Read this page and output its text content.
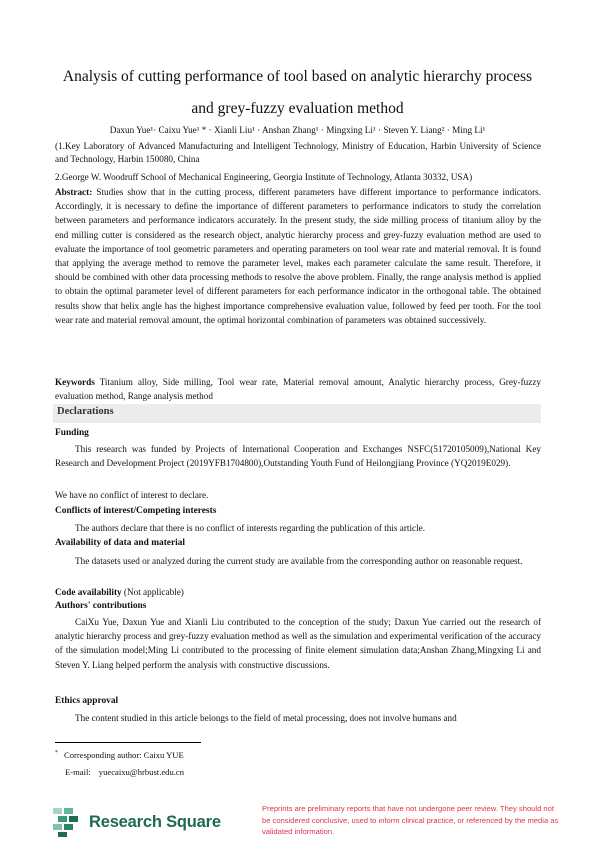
Analysis of cutting performance of tool based on analytic hierarchy process
and grey-fuzzy evaluation method
Daxun Yue¹· Caixu Yue¹ * · Xianli Liu¹ · Anshan Zhang¹ · Mingxing Li¹ · Steven Y. Liang² · Ming Li¹
(1.Key Laboratory of Advanced Manufacturing and Intelligent Technology, Ministry of Education, Harbin University of Science and Technology, Harbin 150080, China
2.George W. Woodruff School of Mechanical Engineering, Georgia Institute of Technology, Atlanta 30332, USA)
Abstract: Studies show that in the cutting process, different parameters have different importance to performance indicators. Accordingly, it is necessary to define the importance of different parameters to performance indicators to study the correlation between parameters and performance indicators accurately. In the present study, the side milling process of titanium alloy by the end milling cutter is considered as the research object, analytic hierarchy process and grey-fuzzy evaluation method are used to evaluate the importance of tool geometric parameters and operating parameters on tool wear rate and material removal. It is found that applying the average method to remove the parameter level, makes each parameter calculate the same result. Therefore, it should be combined with other data processing methods to resolve the above problem. Finally, the range analysis method is applied to obtain the optimal parameter level of different parameters for each performance indicator in the orthogonal table. The obtained results show that helix angle has the highest importance comprehensive evaluation value, followed by feed per tooth. For the tool wear rate and material removal amount, the optimal horizontal combination of parameters was obtained successively.
Keywords Titanium alloy, Side milling, Tool wear rate, Material removal amount, Analytic hierarchy process, Grey-fuzzy evaluation method, Range analysis method
Declarations
Funding
This research was funded by Projects of International Cooperation and Exchanges NSFC(51720105009),National Key Research and Development Project (2019YFB1704800),Outstanding Youth Fund of Heilongjiang Province (YQ2019E029).
We have no conflict of interest to declare.
Conflicts of interest/Competing interests
The authors declare that there is no conflict of interests regarding the publication of this article.
Availability of data and material
The datasets used or analyzed during the current study are available from the corresponding author on reasonable request.
Code availability (Not applicable)
Authors' contributions
CaiXu Yue, Daxun Yue and Xianli Liu contributed to the conception of the study; Daxun Yue carried out the research of analytic hierarchy process and grey-fuzzy evaluation method as well as the simulation and experimental verification of the accuracy of the simulation model;Ming Li contributed to the processing of finite element simulation data;Anshan Zhang,Mingxing Li and Steven Y. Liang helped perform the analysis with constructive discussions.
Ethics approval
The content studied in this article belongs to the field of metal processing, does not involve humans and
* Corresponding author: Caixu YUE
E-mail: yuecaixu@hrbust.edu.cn
Research Square
Preprints are preliminary reports that have not undergone peer review. They should not be considered conclusive, used to inform clinical practice, or referenced by the media as validated information.
